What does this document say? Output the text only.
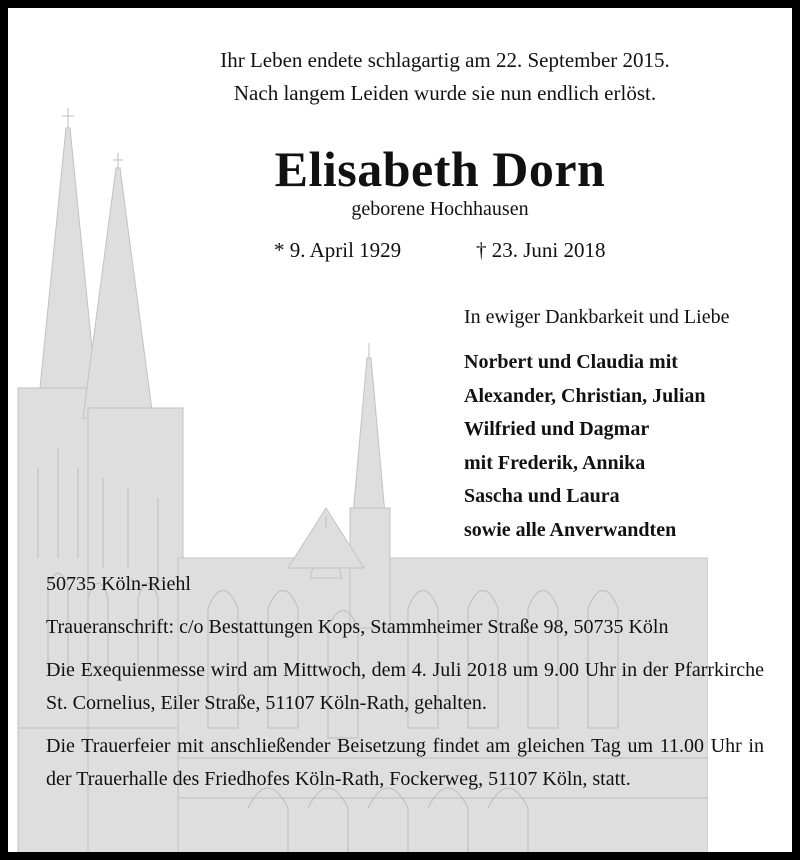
Ihr Leben endete schlagartig am 22. September 2015.
Nach langem Leiden wurde sie nun endlich erlöst.
Elisabeth Dorn
geborene Hochhausen
* 9. April 1929	† 23. Juni 2018
In ewiger Dankbarkeit und Liebe
Norbert und Claudia mit
Alexander, Christian, Julian
Wilfried und Dagmar
mit Frederik, Annika
Sascha und Laura
sowie alle Anverwandten

50735 Köln-Riehl

Traueranschrift: c/o Bestattungen Kops, Stammheimer Straße 98, 50735 Köln

Die Exequienmesse wird am Mittwoch, dem 4. Juli 2018 um 9.00 Uhr in der Pfarrkirche St. Cornelius, Eiler Straße, 51107 Köln-Rath, gehalten.

Die Trauerfeier mit anschließender Beisetzung findet am gleichen Tag um 11.00 Uhr in der Trauerhalle des Friedhofes Köln-Rath, Fockerweg, 51107 Köln, statt.
